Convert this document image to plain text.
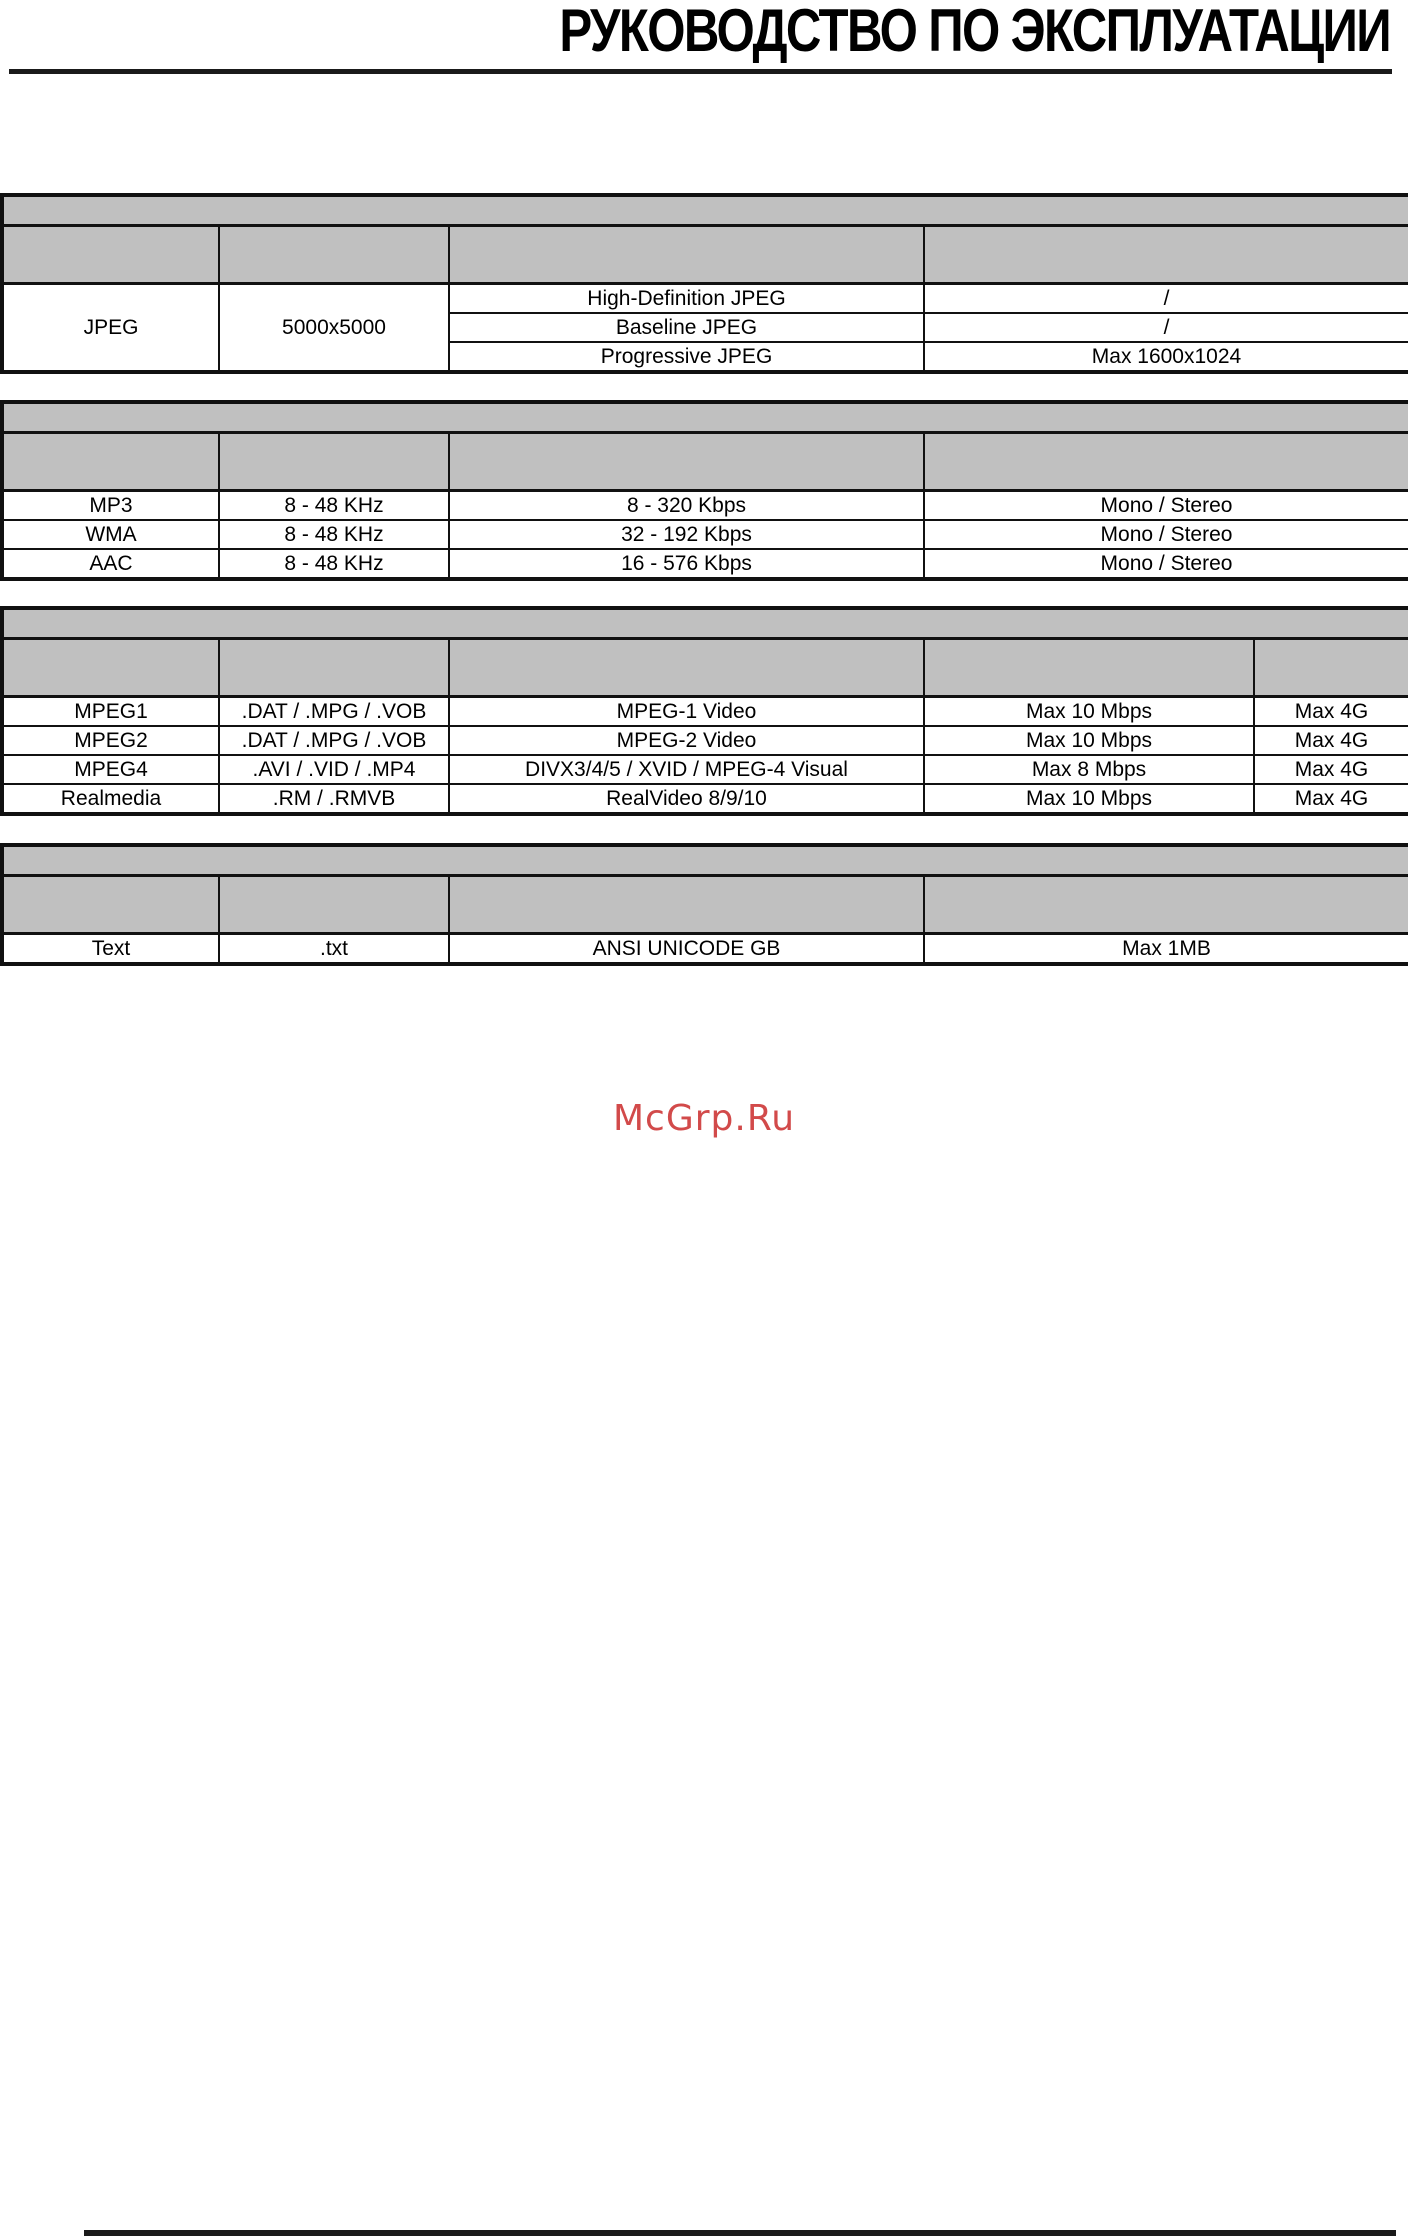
РУКОВОДСТВО ПО ЭКСПЛУАТАЦИИ

JPEG	5000x5000	High-Definition JPEG	/
		Baseline JPEG	/
		Progressive JPEG	Max 1600x1024

MP3	8 - 48 KHz	8 - 320 Kbps	Mono / Stereo
WMA	8 - 48 KHz	32 - 192 Kbps	Mono / Stereo
AAC	8 - 48 KHz	16 - 576 Kbps	Mono / Stereo

MPEG1	.DAT / .MPG / .VOB	MPEG-1 Video	Max 10 Mbps	Max 4G
MPEG2	.DAT / .MPG / .VOB	MPEG-2 Video	Max 10 Mbps	Max 4G
MPEG4	.AVI / .VID / .MP4	DIVX3/4/5 / XVID / MPEG-4 Visual	Max 8 Mbps	Max 4G
Realmedia	.RM / .RMVB	RealVideo 8/9/10	Max 10 Mbps	Max 4G

Text	.txt	ANSI UNICODE GB	Max 1MB
McGrp.Ru
